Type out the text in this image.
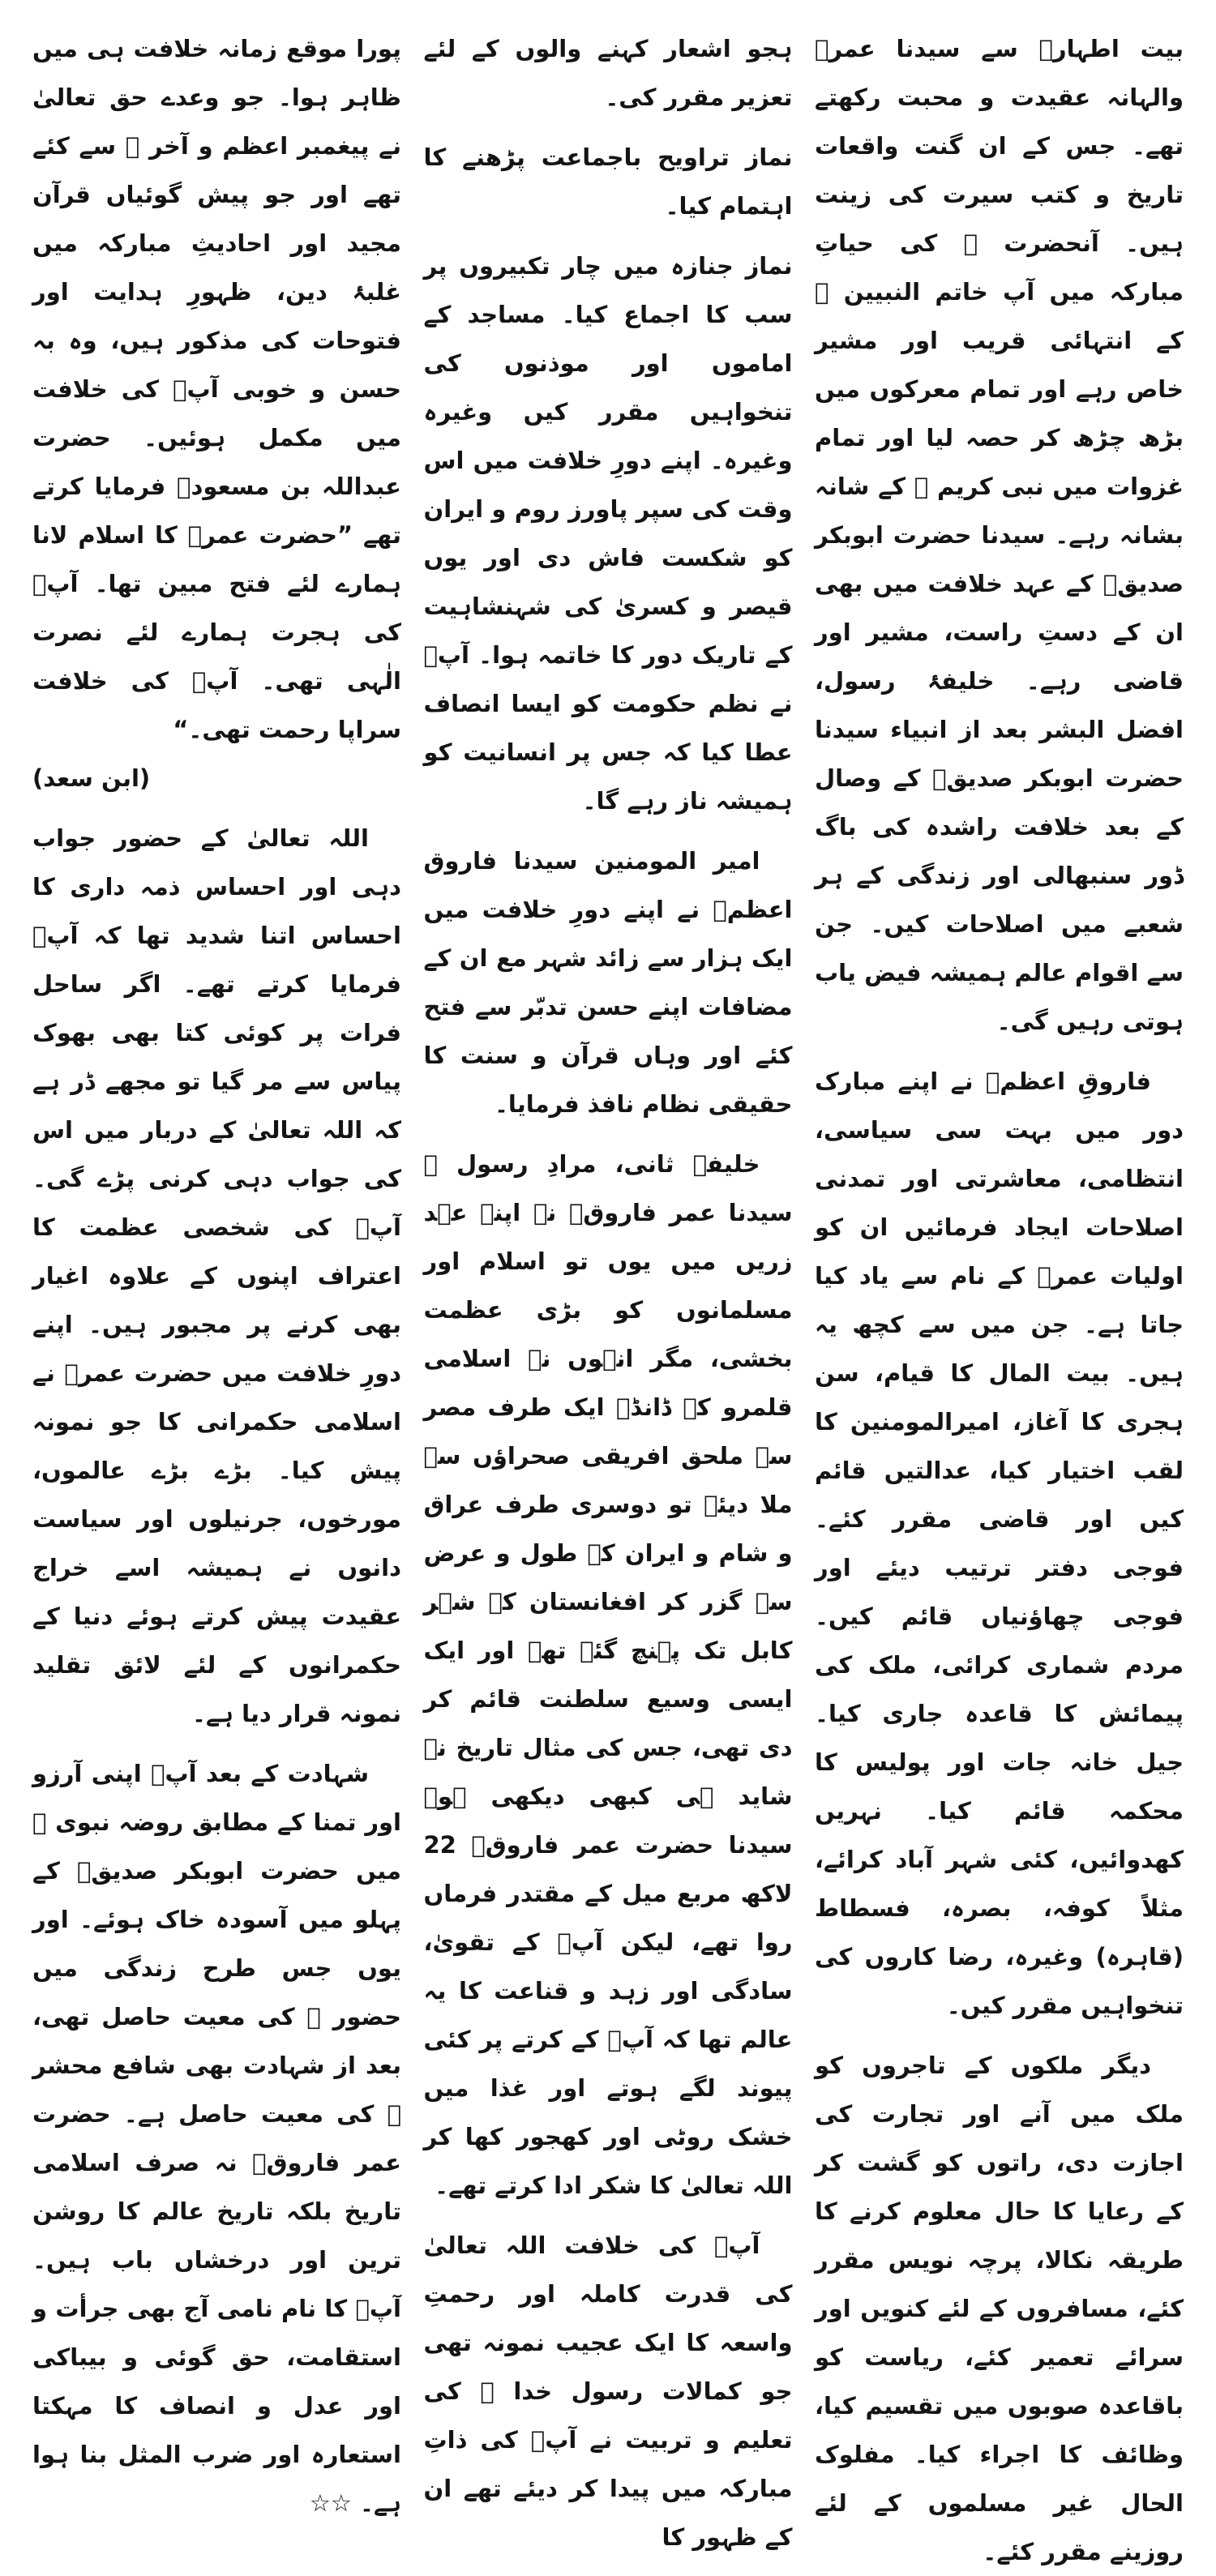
بیت اطہارؓ سے سیدنا عمرؓ والہانہ عقیدت و محبت رکھتے تھے۔ جس کے ان گنت واقعات تاریخ و کتب سیرت کی زینت ہیں۔ آنحضرت ﷺ کی حیاتِ مبارکہ میں آپ خاتم النبیین ﷺ کے انتہائی قریب اور مشیر خاص رہے اور تمام معرکوں میں بڑھ چڑھ کر حصہ لیا اور تمام غزوات میں نبی کریم ﷺ کے شانہ بشانہ رہے۔ سیدنا حضرت ابوبکر صدیقؓ کے عہد خلافت میں بھی ان کے دستِ راست، مشیر اور قاضی رہے۔ خلیفۂ رسول، افضل البشر بعد از انبیاء سیدنا حضرت ابوبکر صدیقؓ کے وصال کے بعد خلافت راشدہ کی باگ ڈور سنبھالی اور زندگی کے ہر شعبے میں اصلاحات کیں۔ جن سے اقوام عالم ہمیشہ فیض یاب ہوتی رہیں گی۔

فاروقِ اعظمؓ نے اپنے مبارک دور میں بہت سی سیاسی، انتظامی، معاشرتی اور تمدنی اصلاحات ایجاد فرمائیں ان کو اولیات عمرؓ کے نام سے یاد کیا جاتا ہے۔ جن میں سے کچھ یہ ہیں۔ بیت المال کا قیام، سن ہجری کا آغاز، امیرالمومنین کا لقب اختیار کیا، عدالتیں قائم کیں اور قاضی مقرر کئے۔ فوجی دفتر ترتیب دیئے اور فوجی چھاؤنیاں قائم کیں۔ مردم شماری کرائی، ملک کی پیمائش کا قاعدہ جاری کیا۔ جیل خانہ جات اور پولیس کا محکمہ قائم کیا۔ نہریں کھدوائیں، کئی شہر آباد کرائے، مثلاً کوفہ، بصرہ، فسطاط (قاہرہ) وغیرہ، رضا کاروں کی تنخواہیں مقرر کیں۔

دیگر ملکوں کے تاجروں کو ملک میں آنے اور تجارت کی اجازت دی، راتوں کو گشت کر کے رعایا کا حال معلوم کرنے کا طریقہ نکالا، پرچہ نویس مقرر کئے، مسافروں کے لئے کنویں اور سرائے تعمیر کئے، ریاست کو باقاعدہ صوبوں میں تقسیم کیا، وظائف کا اجراء کیا۔ مفلوک الحال غیر مسلموں کے لئے روزینے مقرر کئے۔

ہجو اشعار کہنے والوں کے لئے تعزیر مقرر کی۔

نماز تراویح باجماعت پڑھنے کا اہتمام کیا۔

نماز جنازہ میں چار تکبیروں پر سب کا اجماع کیا۔ مساجد کے اماموں اور موذنوں کی تنخواہیں مقرر کیں وغیرہ وغیرہ۔ اپنے دورِ خلافت میں اس وقت کی سپر پاورز روم و ایران کو شکست فاش دی اور یوں قیصر و کسریٰ کی شہنشاہیت کے تاریک دور کا خاتمہ ہوا۔ آپؓ نے نظم حکومت کو ایسا انصاف عطا کیا کہ جس پر انسانیت کو ہمیشہ ناز رہے گا۔

امیر المومنین سیدنا فاروق اعظمؓ نے اپنے دورِ خلافت میں ایک ہزار سے زائد شہر مع ان کے مضافات اپنے حسن تدبّر سے فتح کئے اور وہاں قرآن و سنت کا حقیقی نظام نافذ فرمایا۔

خلیفۂ ثانی، مرادِ رسول ﷺ سیدنا عمر فاروقؓ نے اپنے عہد زریں میں یوں تو اسلام اور مسلمانوں کو بڑی عظمت بخشی، مگر انہوں نے اسلامی قلمرو کے ڈانڈے ایک طرف مصر سے ملحق افریقی صحراؤں سے ملا دیئے تو دوسری طرف عراق و شام و ایران کے طول و عرض سے گزر کر افغانستان کے شہر کابل تک پہنچ گئے تھے اور ایک ایسی وسیع سلطنت قائم کر دی تھی، جس کی مثال تاریخ نے شاید ہی کبھی دیکھی ہو۔ سیدنا حضرت عمر فاروقؓ 22 لاکھ مربع میل کے مقتدر فرماں روا تھے، لیکن آپؓ کے تقویٰ، سادگی اور زہد و قناعت کا یہ عالم تھا کہ آپؓ کے کرتے پر کئی پیوند لگے ہوتے اور غذا میں خشک روٹی اور کھجور کھا کر اللہ تعالیٰ کا شکر ادا کرتے تھے۔

آپؓ کی خلافت اللہ تعالیٰ کی قدرت کاملہ اور رحمتِ واسعہ کا ایک عجیب نمونہ تھی جو کمالات رسول خدا ﷺ کی تعلیم و تربیت نے آپؓ کی ذاتِ مبارکہ میں پیدا کر دیئے تھے ان کے ظہور کا

پورا موقع زمانہ خلافت ہی میں ظاہر ہوا۔ جو وعدے حق تعالیٰ نے پیغمبر اعظم و آخر ﷺ سے کئے تھے اور جو پیش گوئیاں قرآن مجید اور احادیثِ مبارکہ میں غلبۂ دین، ظہورِ ہدایت اور فتوحات کی مذکور ہیں، وہ بہ حسن و خوبی آپؓ کی خلافت میں مکمل ہوئیں۔ حضرت عبداللہ بن مسعودؓ فرمایا کرتے تھے ”حضرت عمرؓ کا اسلام لانا ہمارے لئے فتح مبین تھا۔ آپؓ کی ہجرت ہمارے لئے نصرت الٰہی تھی۔ آپؓ کی خلافت سراپا رحمت تھی۔“

(ابن سعد)

اللہ تعالیٰ کے حضور جواب دہی اور احساس ذمہ داری کا احساس اتنا شدید تھا کہ آپؓ فرمایا کرتے تھے۔ اگر ساحل فرات پر کوئی کتا بھی بھوک پیاس سے مر گیا تو مجھے ڈر ہے کہ اللہ تعالیٰ کے دربار میں اس کی جواب دہی کرنی پڑے گی۔ آپؓ کی شخصی عظمت کا اعتراف اپنوں کے علاوہ اغیار بھی کرنے پر مجبور ہیں۔ اپنے دورِ خلافت میں حضرت عمرؓ نے اسلامی حکمرانی کا جو نمونہ پیش کیا۔ بڑے بڑے عالموں، مورخوں، جرنیلوں اور سیاست دانوں نے ہمیشہ اسے خراج عقیدت پیش کرتے ہوئے دنیا کے حکمرانوں کے لئے لائق تقلید نمونہ قرار دیا ہے۔

شہادت کے بعد آپؓ اپنی آرزو اور تمنا کے مطابق روضہ نبوی ﷺ میں حضرت ابوبکر صدیقؓ کے پہلو میں آسودہ خاک ہوئے۔ اور یوں جس طرح زندگی میں حضور ﷺ کی معیت حاصل تھی، بعد از شہادت بھی شافع محشر ﷺ کی معیت حاصل ہے۔ حضرت عمر فاروقؓ نہ صرف اسلامی تاریخ بلکہ تاریخ عالم کا روشن ترین اور درخشاں باب ہیں۔ آپؓ کا نام نامی آج بھی جرأت و استقامت، حق گوئی و بیباکی اور عدل و انصاف کا مہکتا استعارہ اور ضرب المثل بنا ہوا ہے۔ ☆☆
